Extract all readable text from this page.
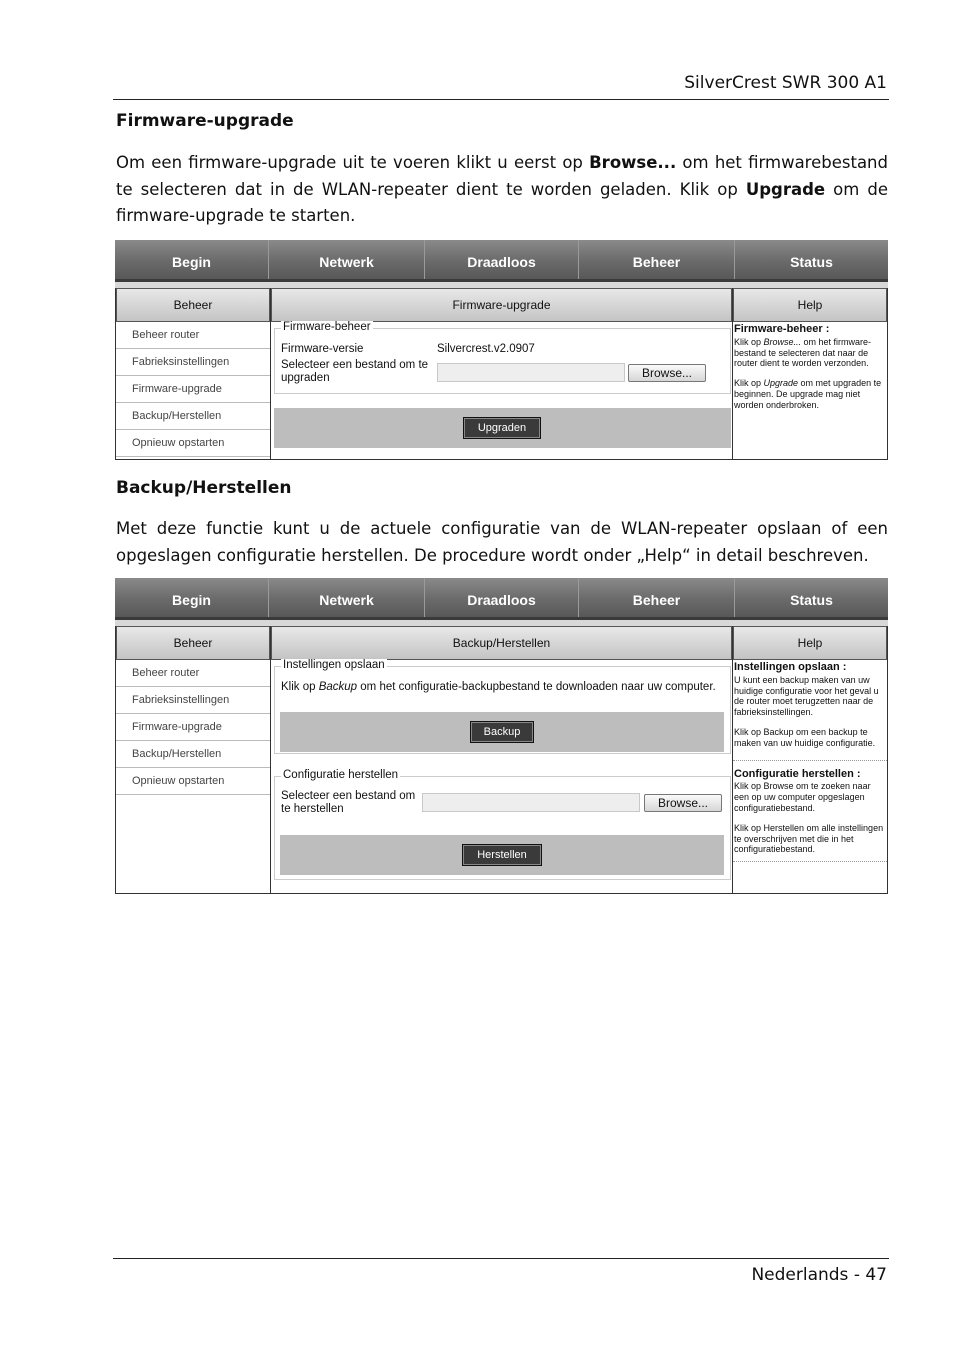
SilverCrest SWR 300 A1
Firmware-upgrade
Om een firmware-upgrade uit te voeren klikt u eerst op Browse... om het firmwarebestand te selecteren dat in de WLAN-repeater dient te worden geladen. Klik op Upgrade om de firmware-upgrade te starten.
Begin	Netwerk	Draadloos	Beheer	Status
Beheer
Beheer router
Fabrieksinstellingen
Firmware-upgrade
Backup/Herstellen
Opnieuw opstarten
Firmware-upgrade
Firmware-beheer
Firmware-versie	Silvercrest.v2.0907
Selecteer een bestand om te upgraden	Browse...
Upgraden
Help
Firmware-beheer :

Klik op Browse... om het firmware-bestand te selecteren dat naar de router dient te worden verzonden.

Klik op Upgrade om met upgraden te beginnen. De upgrade mag niet worden onderbroken.

Backup/Herstellen
Met deze functie kunt u de actuele configuratie van de WLAN-repeater opslaan of een opgeslagen configuratie herstellen. De procedure wordt onder „Help“ in detail beschreven.
Begin	Netwerk	Draadloos	Beheer	Status
Beheer
Beheer router
Fabrieksinstellingen
Firmware-upgrade
Backup/Herstellen
Opnieuw opstarten
Backup/Herstellen
Instellingen opslaan
Klik op Backup om het configuratie-backupbestand te downloaden naar uw computer.
Backup
Configuratie herstellen
Selecteer een bestand om te herstellen	Browse...
Herstellen
Help
Instellingen opslaan :

U kunt een backup maken van uw huidige configuratie voor het geval u de router moet terugzetten naar de fabrieksinstellingen.

Klik op Backup om een backup te maken van uw huidige configuratie.

Configuratie herstellen :

Klik op Browse om te zoeken naar een op uw computer opgeslagen configuratiebestand.

Klik op Herstellen om alle instellingen te overschrijven met die in het configuratiebestand.

Nederlands - 47
